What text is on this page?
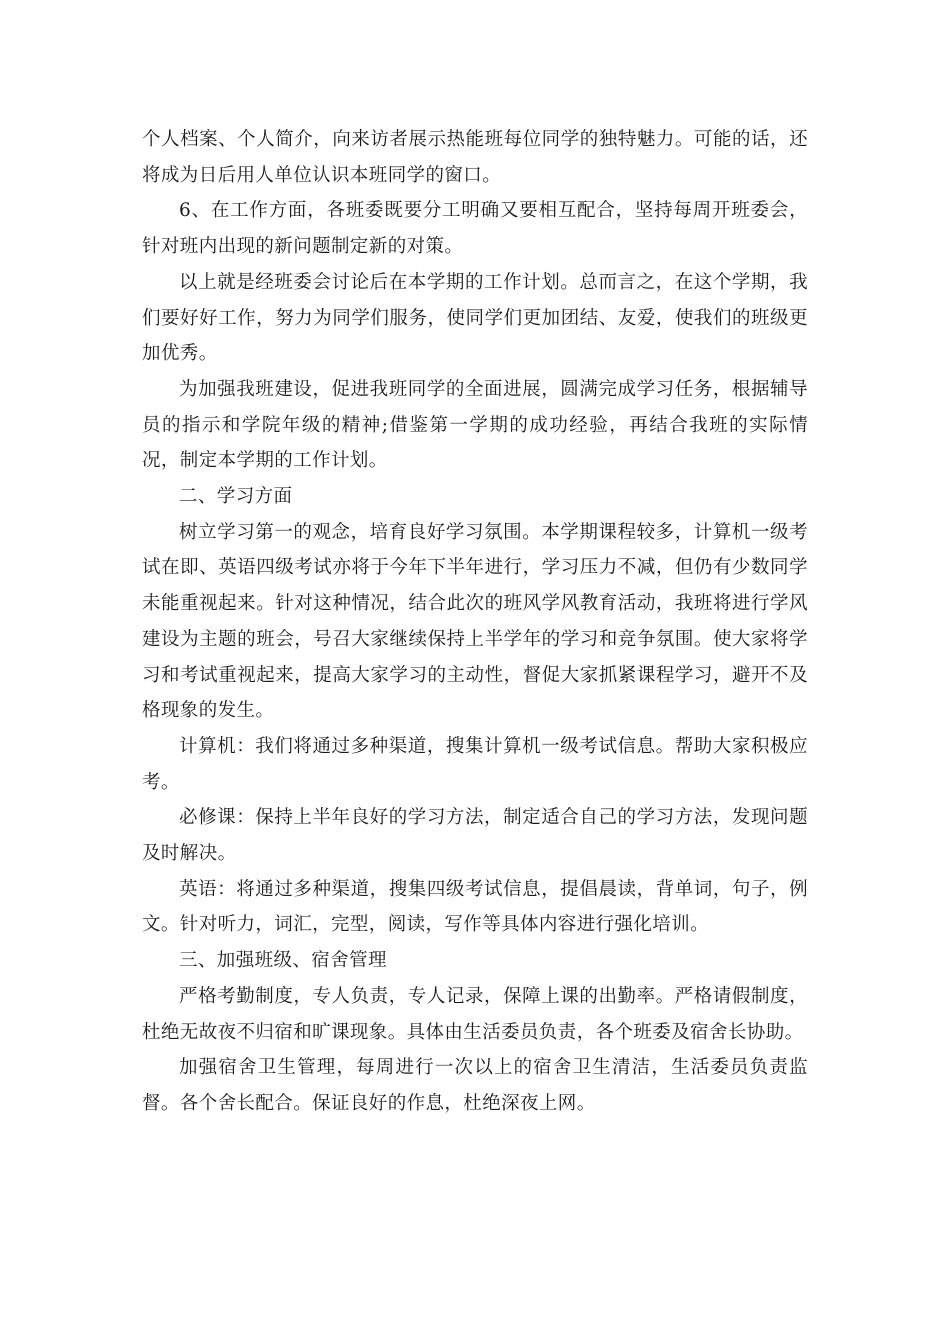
个人档案、个人简介，向来访者展示热能班每位同学的独特魅力。可能的话，还将成为日后用人单位认识本班同学的窗口。

6、在工作方面，各班委既要分工明确又要相互配合，坚持每周开班委会，针对班内出现的新问题制定新的对策。

以上就是经班委会讨论后在本学期的工作计划。总而言之，在这个学期，我们要好好工作，努力为同学们服务，使同学们更加团结、友爱，使我们的班级更加优秀。

为加强我班建设，促进我班同学的全面进展，圆满完成学习任务，根据辅导员的指示和学院年级的精神;借鉴第一学期的成功经验，再结合我班的实际情况，制定本学期的工作计划。

二、学习方面

树立学习第一的观念，培育良好学习氛围。本学期课程较多，计算机一级考试在即、英语四级考试亦将于今年下半年进行，学习压力不减，但仍有少数同学未能重视起来。针对这种情况，结合此次的班风学风教育活动，我班将进行学风建设为主题的班会，号召大家继续保持上半学年的学习和竞争氛围。使大家将学习和考试重视起来，提高大家学习的主动性，督促大家抓紧课程学习，避开不及格现象的发生。

计算机：我们将通过多种渠道，搜集计算机一级考试信息。帮助大家积极应考。

必修课：保持上半年良好的学习方法，制定适合自己的学习方法，发现问题及时解决。

英语：将通过多种渠道，搜集四级考试信息，提倡晨读，背单词，句子，例文。针对听力，词汇，完型，阅读，写作等具体内容进行强化培训。

三、加强班级、宿舍管理

严格考勤制度，专人负责，专人记录，保障上课的出勤率。严格请假制度，杜绝无故夜不归宿和旷课现象。具体由生活委员负责，各个班委及宿舍长协助。

加强宿舍卫生管理，每周进行一次以上的宿舍卫生清洁，生活委员负责监督。各个舍长配合。保证良好的作息，杜绝深夜上网。
